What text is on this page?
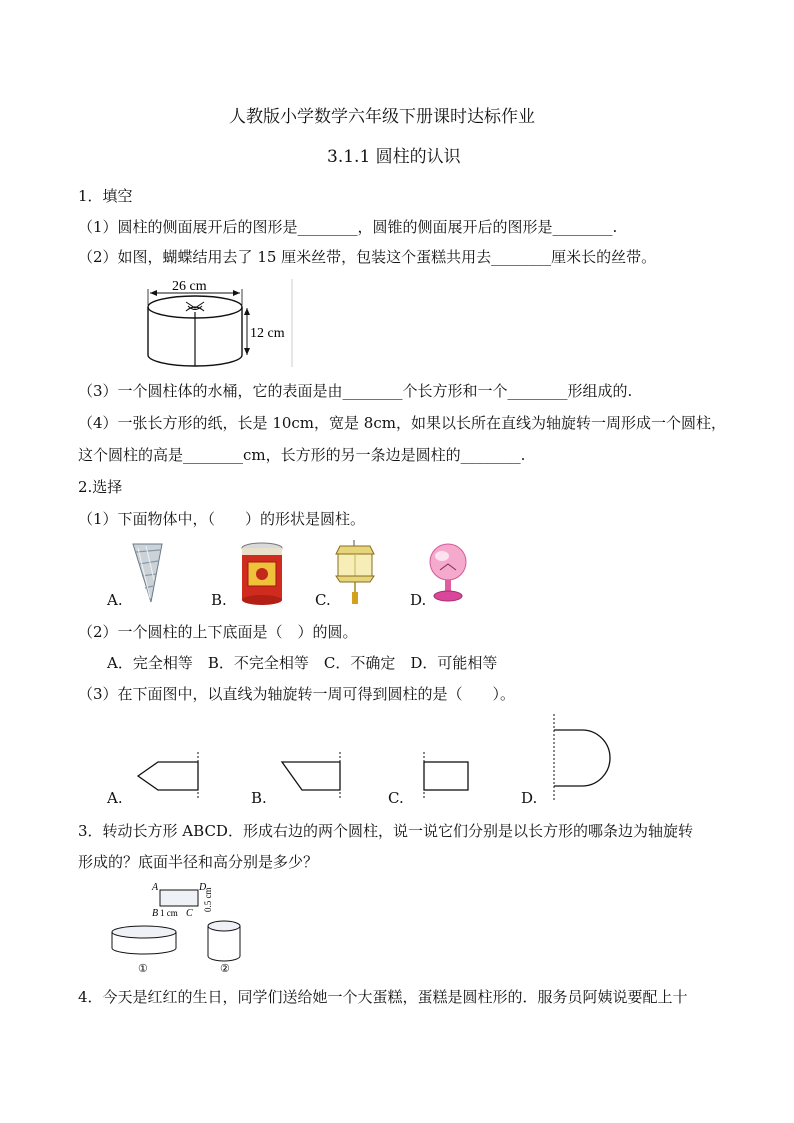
人教版小学数学六年级下册课时达标作业
3.1.1 圆柱的认识
1．填空
（1）圆柱的侧面展开后的图形是________，圆锥的侧面展开后的图形是________.
（2）如图，蝴蝶结用去了 15 厘米丝带，包装这个蛋糕共用去________厘米长的丝带。
26 cm
12 cm
（3）一个圆柱体的水桶，它的表面是由________个长方形和一个________形组成的.
（4）一张长方形的纸，长是 10cm，宽是 8cm，如果以长所在直线为轴旋转一周形成一个圆柱，
这个圆柱的高是________cm，长方形的另一条边是圆柱的________.
2.选择
（1）下面物体中，（　　）的形状是圆柱。
A.	B.	C.	D.
（2）一个圆柱的上下底面是（　）的圆。
A．完全相等　B．不完全相等　C．不确定　D．可能相等
（3）在下面图中，以直线为轴旋转一周可得到圆柱的是（　　）。
A.	B.	C.	D.
3．转动长方形 ABCD．形成右边的两个圆柱，说一说它们分别是以长方形的哪条边为轴旋转
形成的？底面半径和高分别是多少？
A	D
B 1 cm C
0.5 cm
①	②
4．今天是红红的生日，同学们送给她一个大蛋糕，蛋糕是圆柱形的．服务员阿姨说要配上十
